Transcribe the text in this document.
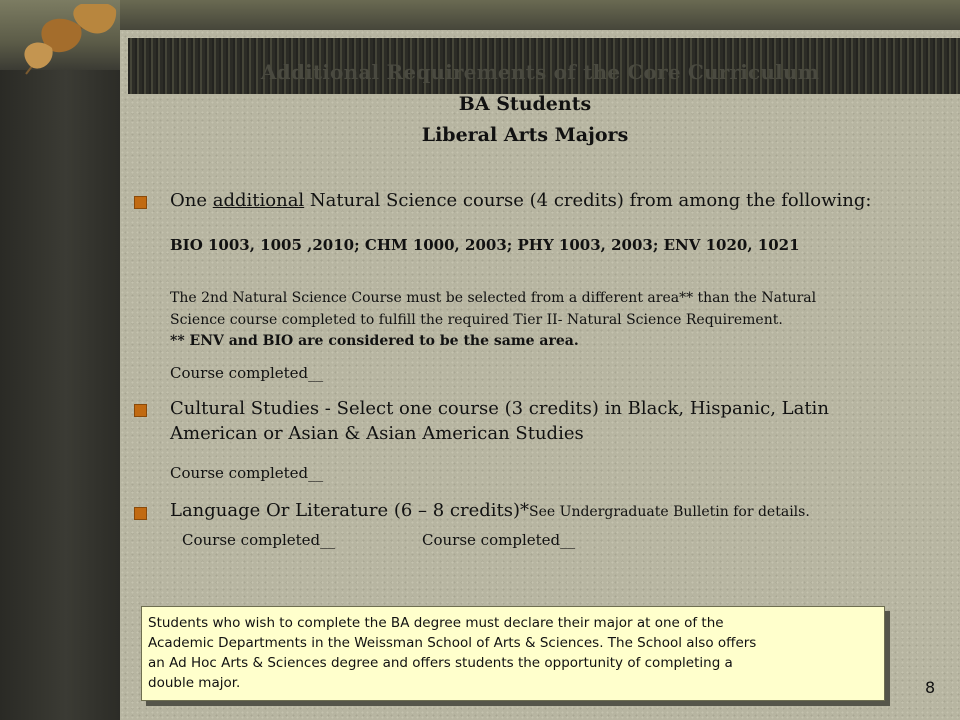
Additional Requirements of the Core Curriculum
BA Students
Liberal Arts Majors
One additional Natural Science course (4 credits) from among the following:
BIO 1003, 1005 ,2010; CHM 1000, 2003; PHY 1003, 2003; ENV 1020, 1021
The 2nd Natural Science Course must be selected from a different area** than the Natural
Science course completed to fulfill the required Tier II- Natural Science Requirement.
** ENV and BIO are considered to be the same area.
Course completed__
Cultural Studies - Select one course (3 credits) in Black, Hispanic, Latin
American or Asian & Asian American Studies
Course completed__
Language Or Literature (6 – 8 credits)*See Undergraduate Bulletin for details.
Course completed__	Course completed__
Students who wish to complete the BA degree must declare their major at one of the
Academic Departments in the Weissman School of Arts & Sciences. The School also offers
an Ad Hoc Arts & Sciences degree and offers students the opportunity of completing a
double major.	8
